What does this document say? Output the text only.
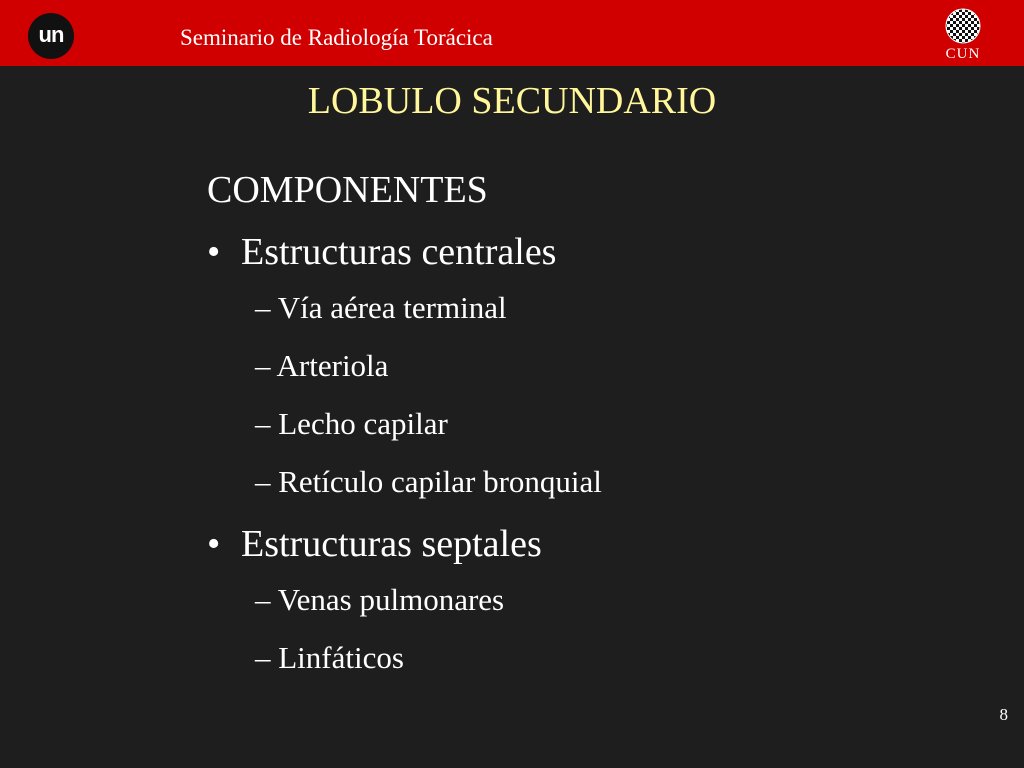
un	Seminario de Radiología Torácica
CUN
LOBULO SECUNDARIO
COMPONENTES
• Estructuras centrales
– Vía aérea terminal
– Arteriola
– Lecho capilar
– Retículo capilar bronquial
• Estructuras septales
– Venas pulmonares
– Linfáticos
8
